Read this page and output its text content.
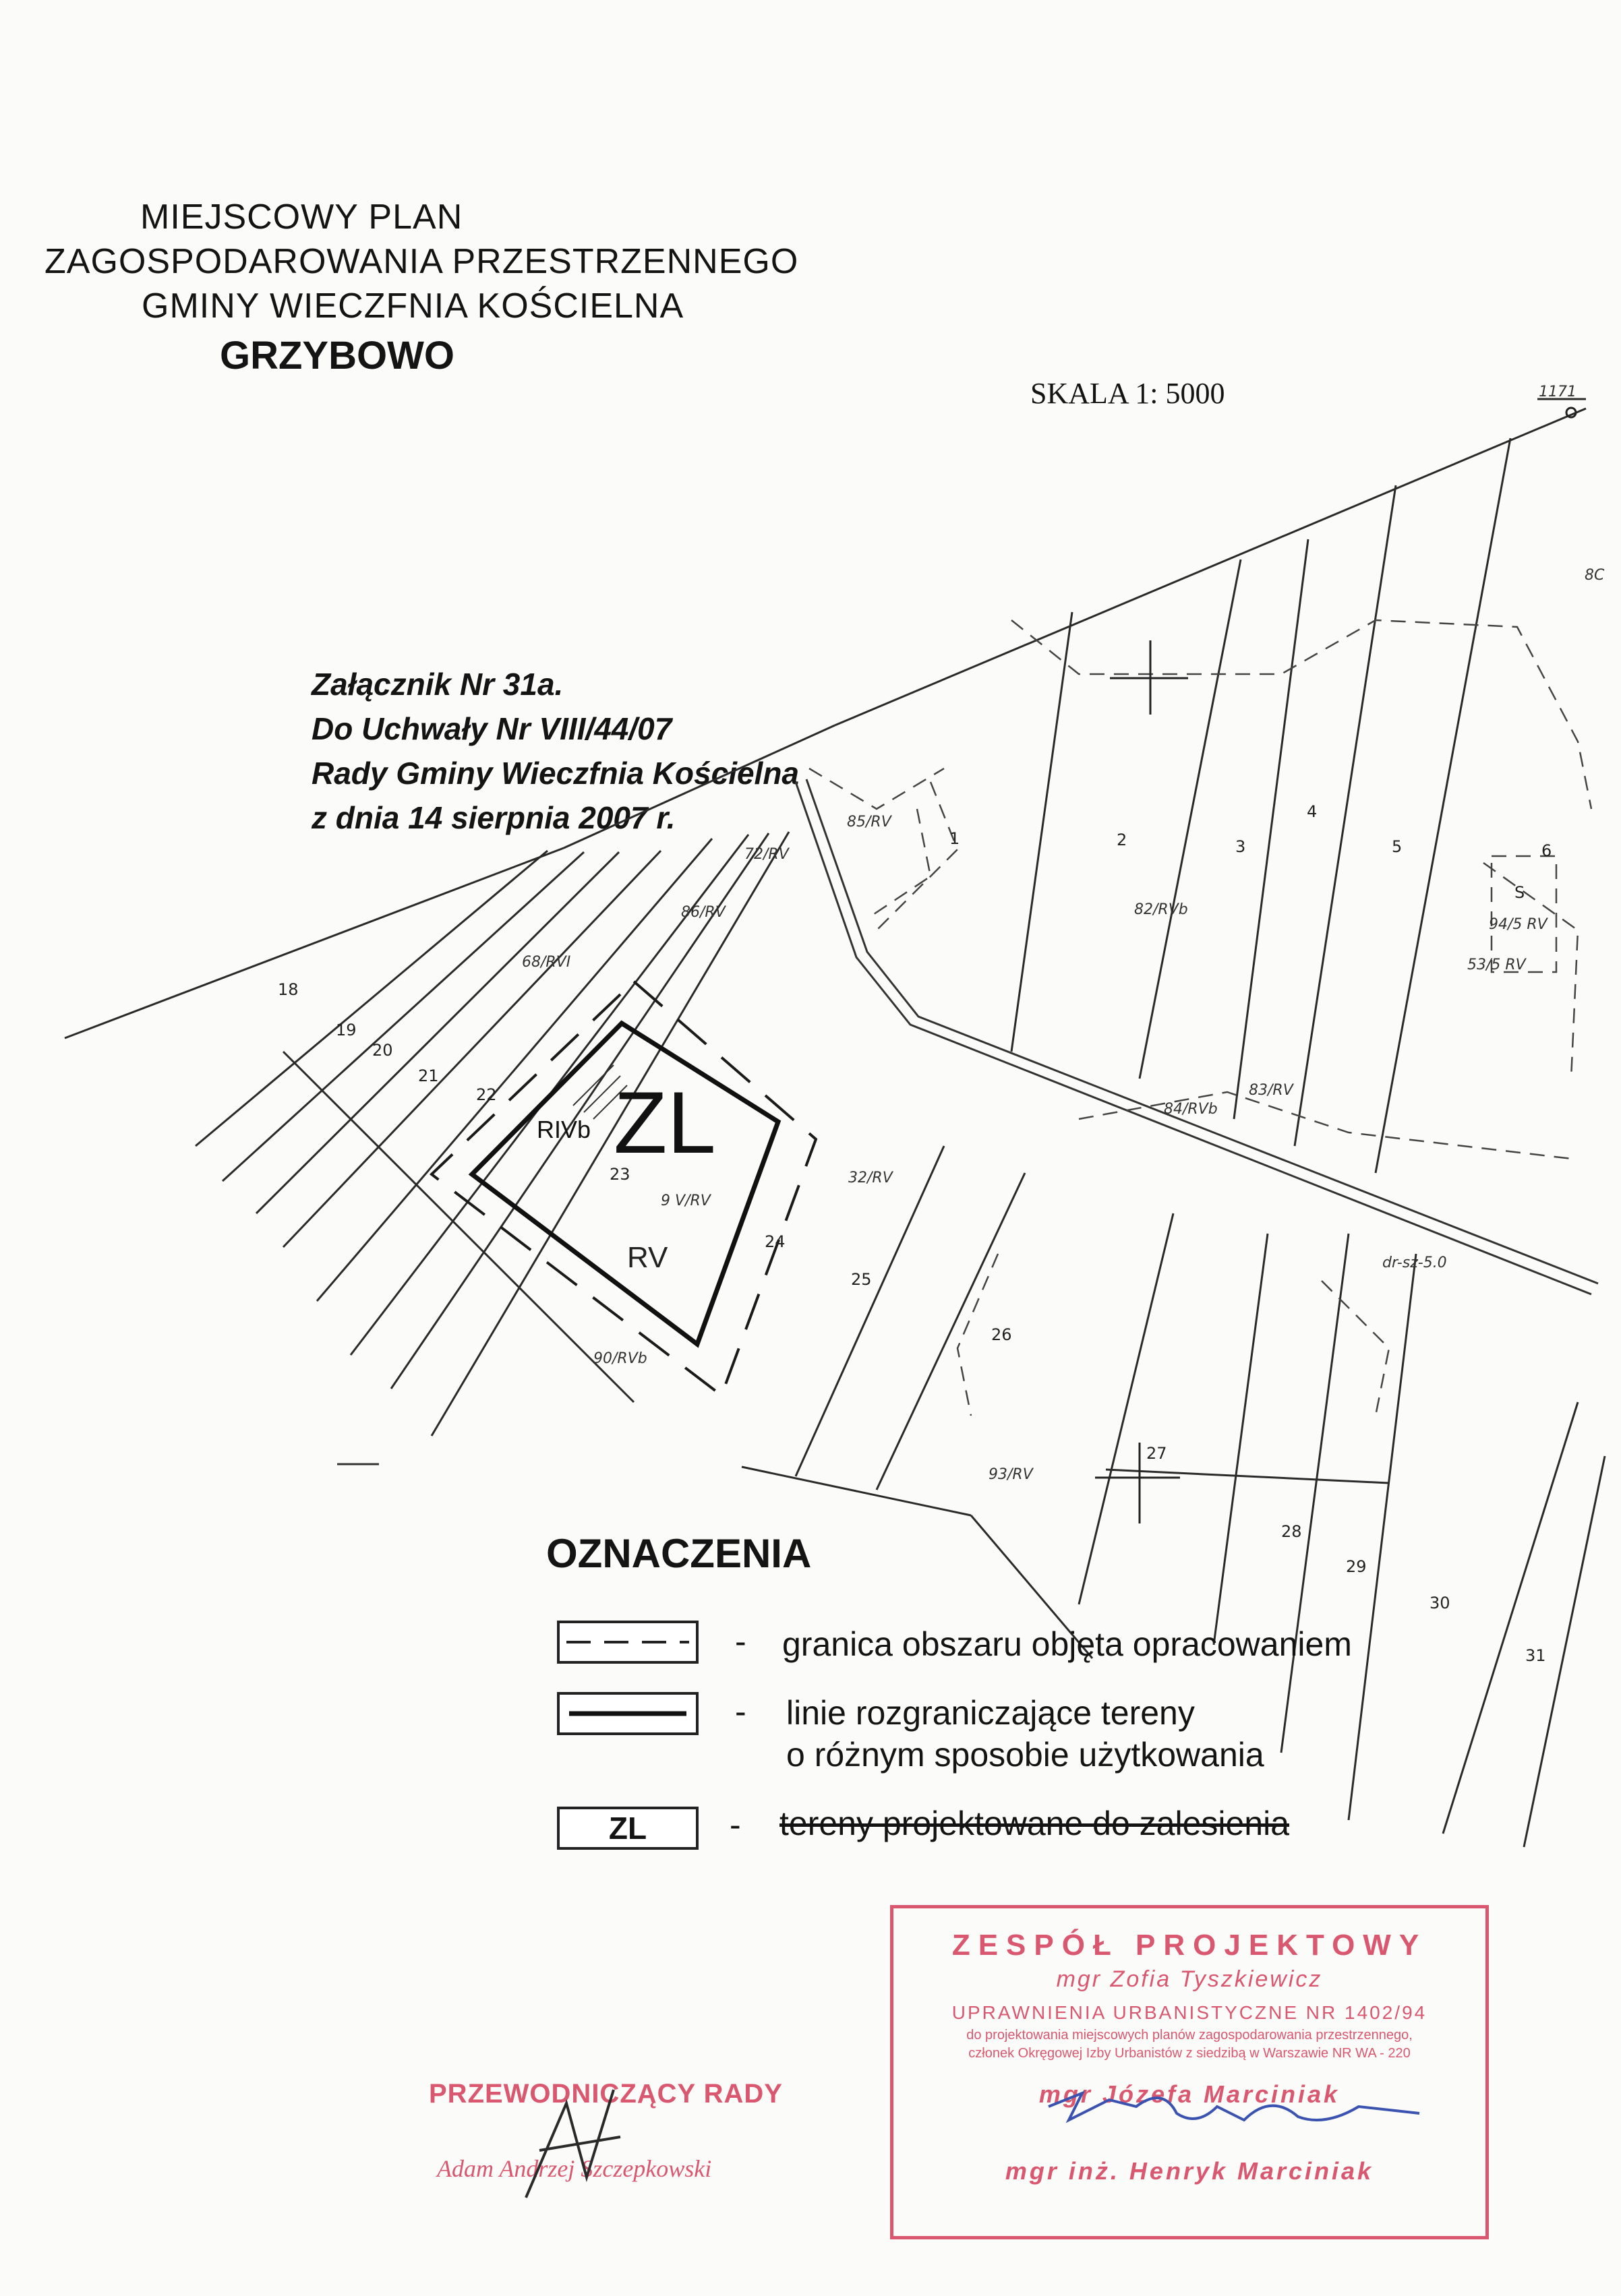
MIEJSCOWY PLAN
ZAGOSPODAROWANIA PRZESTRZENNEGO
GMINY WIECZFNIA KOŚCIELNA
GRZYBOWO
SKALA 1: 5000
Załącznik Nr 31a.
Do Uchwały Nr VIII/44/07
Rady Gminy Wieczfnia Kościelna
z dnia 14 sierpnia 2007 r.
ZL
RIVb
RV	dr-sz-5.0
1171
8C
18
19
20
21
22
23
24
25
26
27
28
29
30
31
1	2	3
4
5	6
S
85/RV
72/RV
86/RV
68/RVI
82/RVb
84/RVb
83/RV
94/5 RV
53/5 RV
9 V/RV
32/RV
90/RVb
93/RV
OZNACZENIA
- granica obszaru objęta opracowaniem
- linie rozgraniczające tereny
o różnym sposobie użytkowania
ZL	- tereny projektowane do zalesienia
ZESPÓŁ PROJEKTOWY
mgr Zofia Tyszkiewicz
UPRAWNIENIA URBANISTYCZNE NR 1402/94
do projektowania miejscowych planów zagospodarowania przestrzennego,
członek Okręgowej Izby Urbanistów z siedzibą w Warszawie NR WA - 220
mgr Józefa Marciniak
mgr inż. Henryk Marciniak
PRZEWODNICZĄCY RADY
Adam Andrzej Szczepkowski
